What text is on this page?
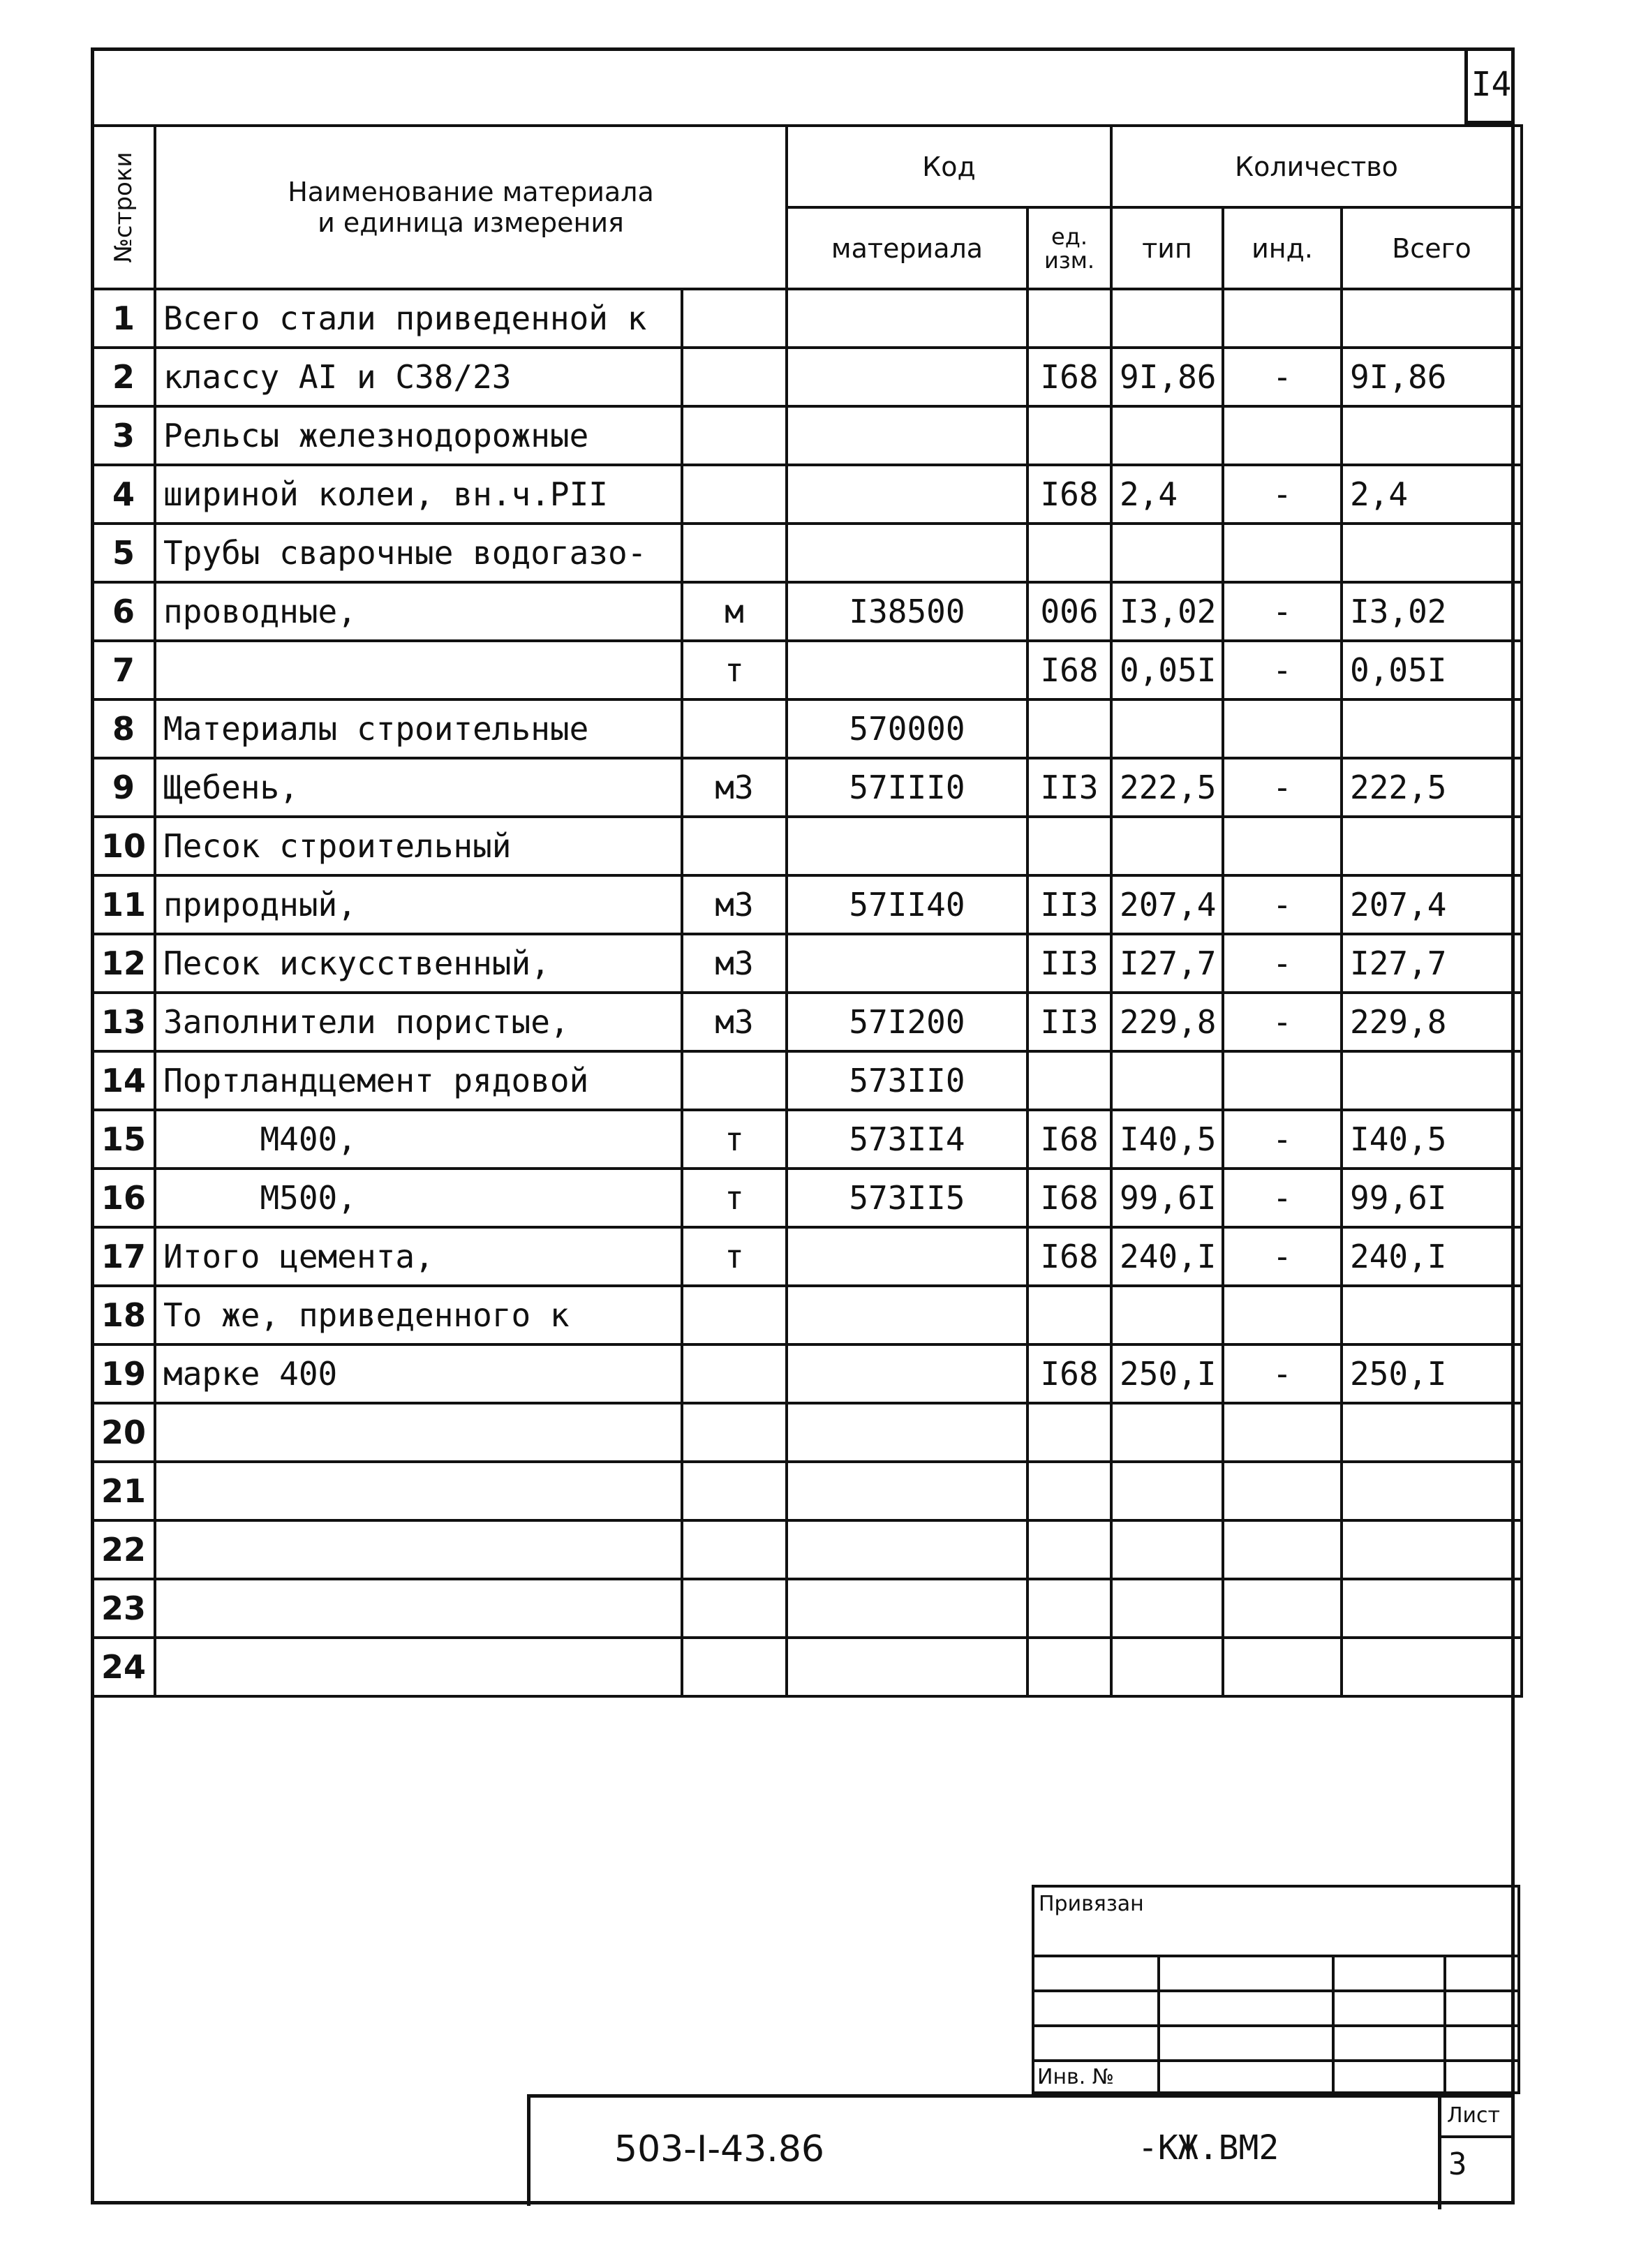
I4
№строки	Наименование материала
и единица измерения		Код		Количество		
			материала	ед. изм.	тип	инд.	Всего
1	Всего стали приведенной к						
2	классу AI и C38/23			I68	9I,86	-	9I,86
3	Рельсы железнодорожные						
4	шириной колеи, вн.ч.PII			I68	2,4	-	2,4
5	Трубы сварочные водогазо-						
6	проводные,	м	I38500	006	I3,02	-	I3,02
7		т		I68	0,05I	-	0,05I
8	Материалы строительные		570000				
9	Щебень,	м3	57III0	II3	222,5	-	222,5
10	Песок строительный						
11	природный,	м3	57II40	II3	207,4	-	207,4
12	Песок искусственный,	м3		II3	I27,7	-	I27,7
13	Заполнители пористые,	м3	57I200	II3	229,8	-	229,8
14	Портландцемент рядовой		573II0				
15	M400,	т	573II4	I68	I40,5	-	I40,5
16	M500,	т	573II5	I68	99,6I	-	99,6I
17	Итого цемента,	т		I68	240,I	-	240,I
18	То же, приведенного к						
19	марке 400			I68	250,I	-	250,I
20							
21							
22							
23							
24							
Привязан
Инв. №
503-I-43.86	-КЖ.ВМ2
Лист
3
